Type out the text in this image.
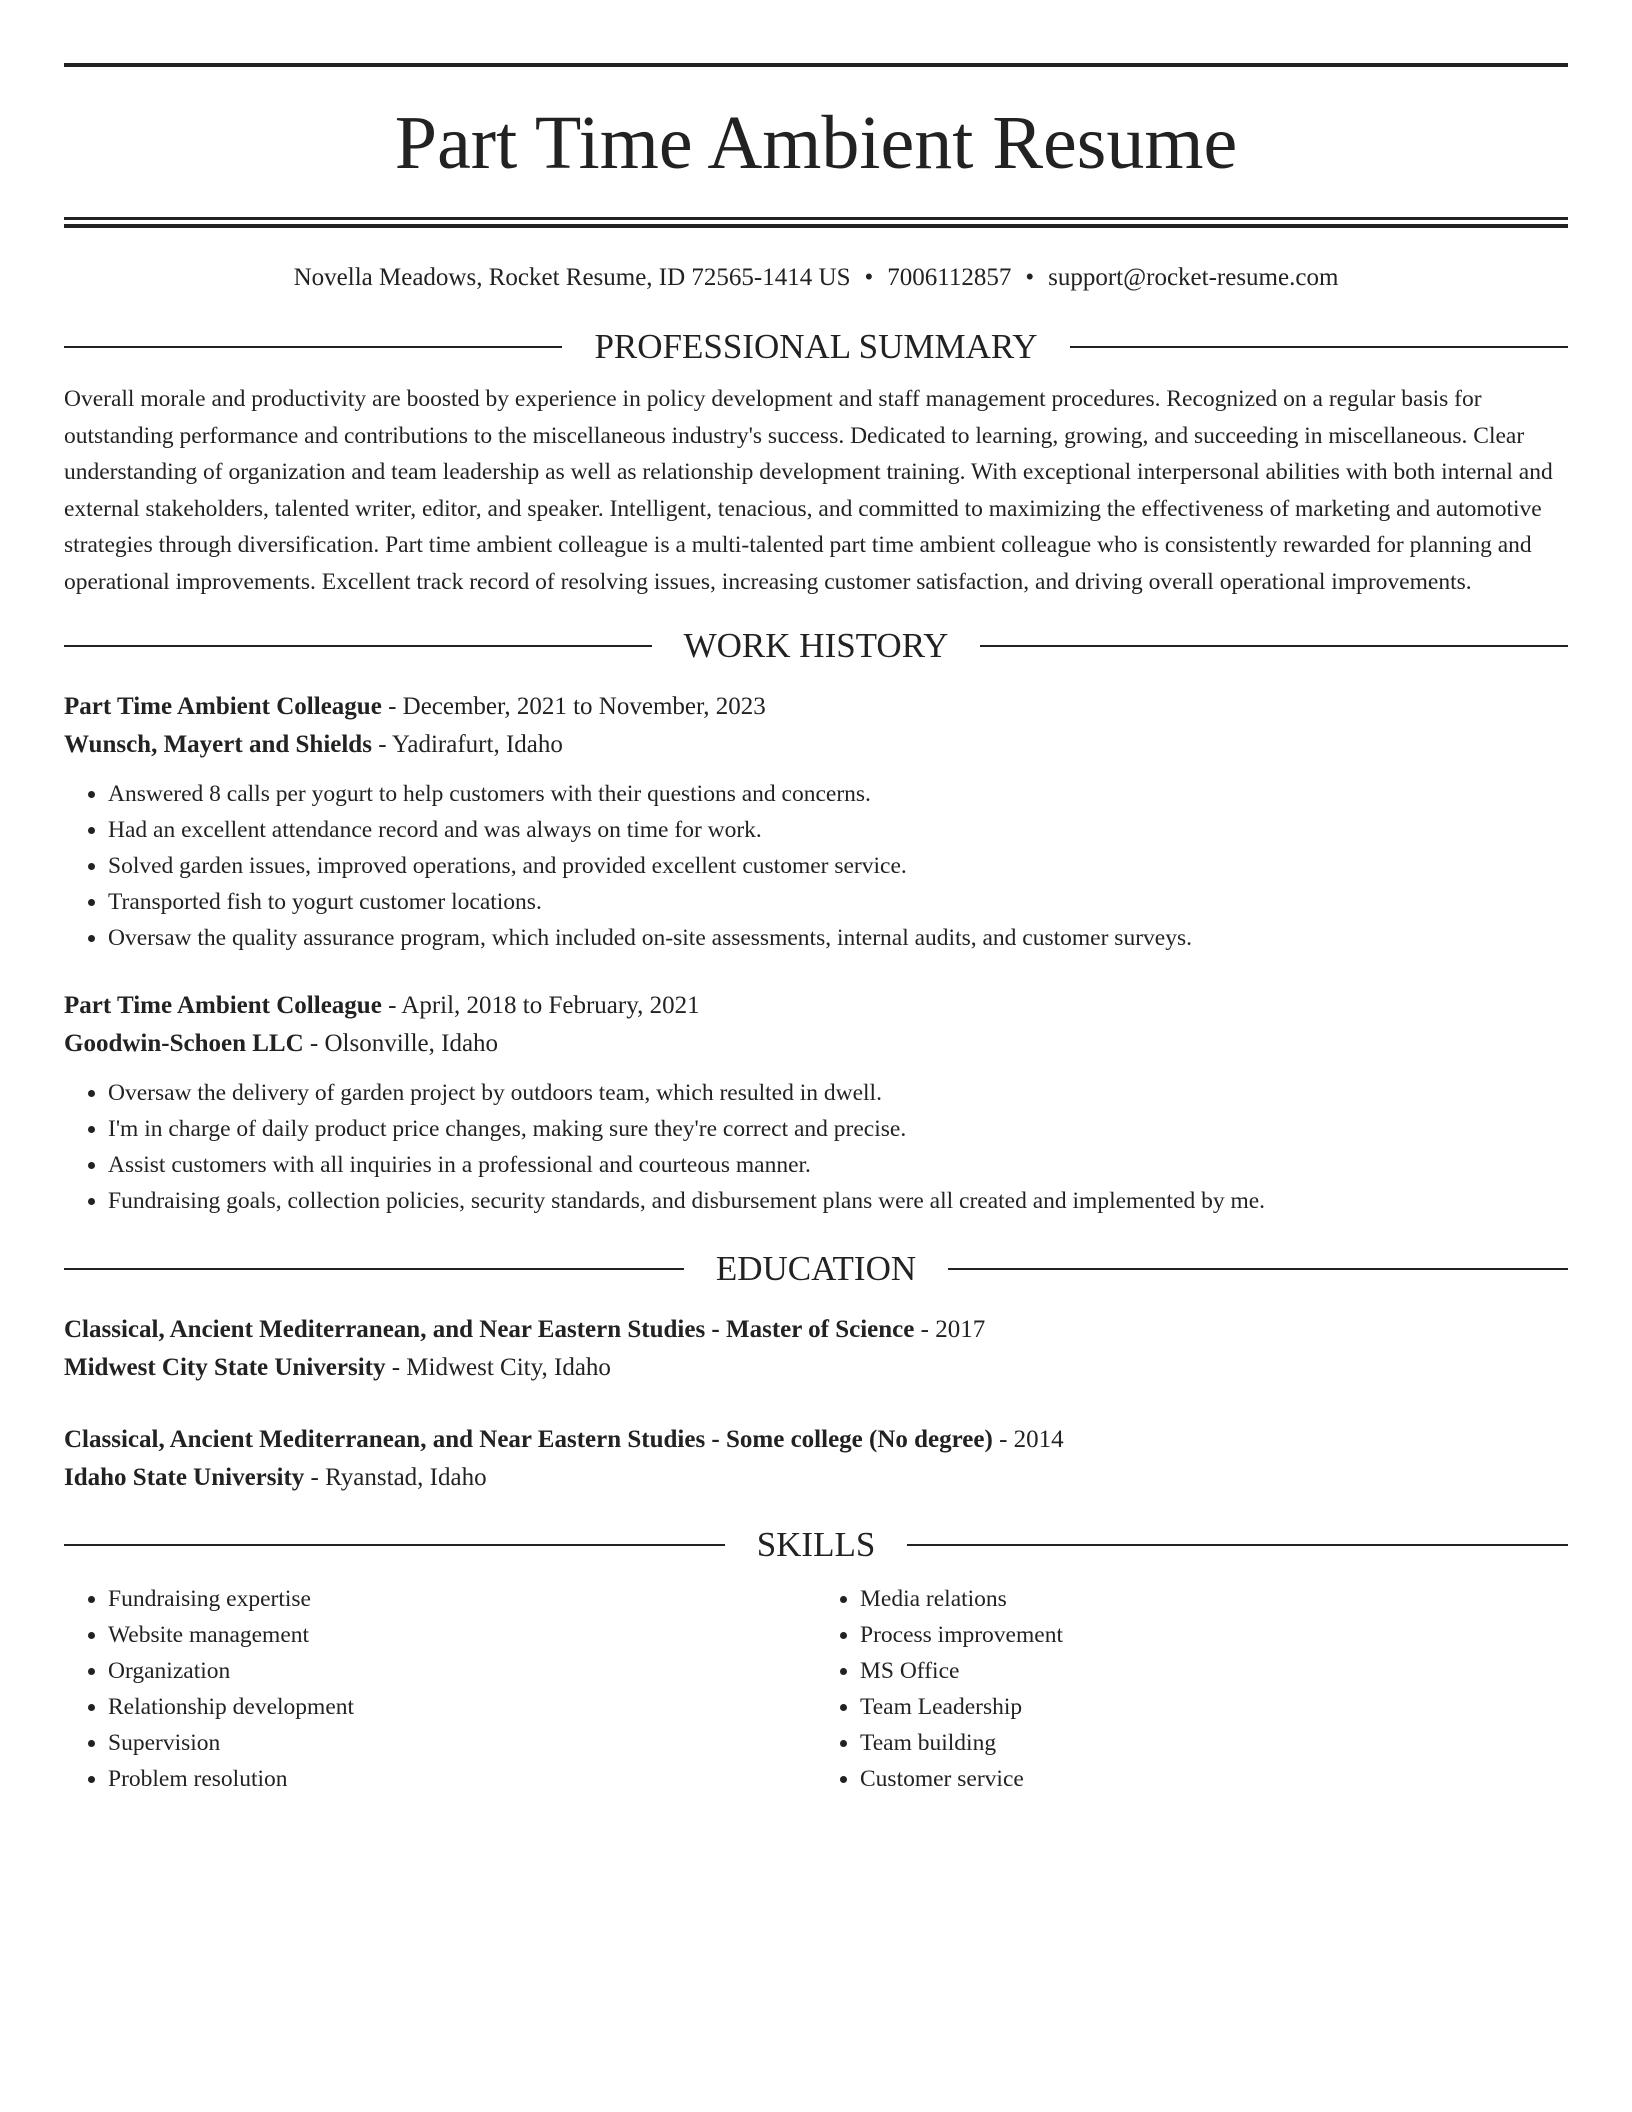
Part Time Ambient Resume
Novella Meadows, Rocket Resume, ID 72565-1414 US • 7006112857 • support@rocket-resume.com
PROFESSIONAL SUMMARY
Overall morale and productivity are boosted by experience in policy development and staff management procedures. Recognized on a regular basis for outstanding performance and contributions to the miscellaneous industry's success. Dedicated to learning, growing, and succeeding in miscellaneous. Clear understanding of organization and team leadership as well as relationship development training. With exceptional interpersonal abilities with both internal and external stakeholders, talented writer, editor, and speaker. Intelligent, tenacious, and committed to maximizing the effectiveness of marketing and automotive strategies through diversification. Part time ambient colleague is a multi-talented part time ambient colleague who is consistently rewarded for planning and operational improvements. Excellent track record of resolving issues, increasing customer satisfaction, and driving overall operational improvements.
WORK HISTORY
Part Time Ambient Colleague - December, 2021 to November, 2023
Wunsch, Mayert and Shields - Yadirafurt, Idaho
• Answered 8 calls per yogurt to help customers with their questions and concerns.
• Had an excellent attendance record and was always on time for work.
• Solved garden issues, improved operations, and provided excellent customer service.
• Transported fish to yogurt customer locations.
• Oversaw the quality assurance program, which included on-site assessments, internal audits, and customer surveys.
Part Time Ambient Colleague - April, 2018 to February, 2021
Goodwin-Schoen LLC - Olsonville, Idaho
• Oversaw the delivery of garden project by outdoors team, which resulted in dwell.
• I'm in charge of daily product price changes, making sure they're correct and precise.
• Assist customers with all inquiries in a professional and courteous manner.
• Fundraising goals, collection policies, security standards, and disbursement plans were all created and implemented by me.
EDUCATION
Classical, Ancient Mediterranean, and Near Eastern Studies - Master of Science - 2017
Midwest City State University - Midwest City, Idaho
Classical, Ancient Mediterranean, and Near Eastern Studies - Some college (No degree) - 2014
Idaho State University - Ryanstad, Idaho
SKILLS
• Fundraising expertise
• Website management
• Organization
• Relationship development
• Supervision
• Problem resolution
• Media relations
• Process improvement
• MS Office
• Team Leadership
• Team building
• Customer service
